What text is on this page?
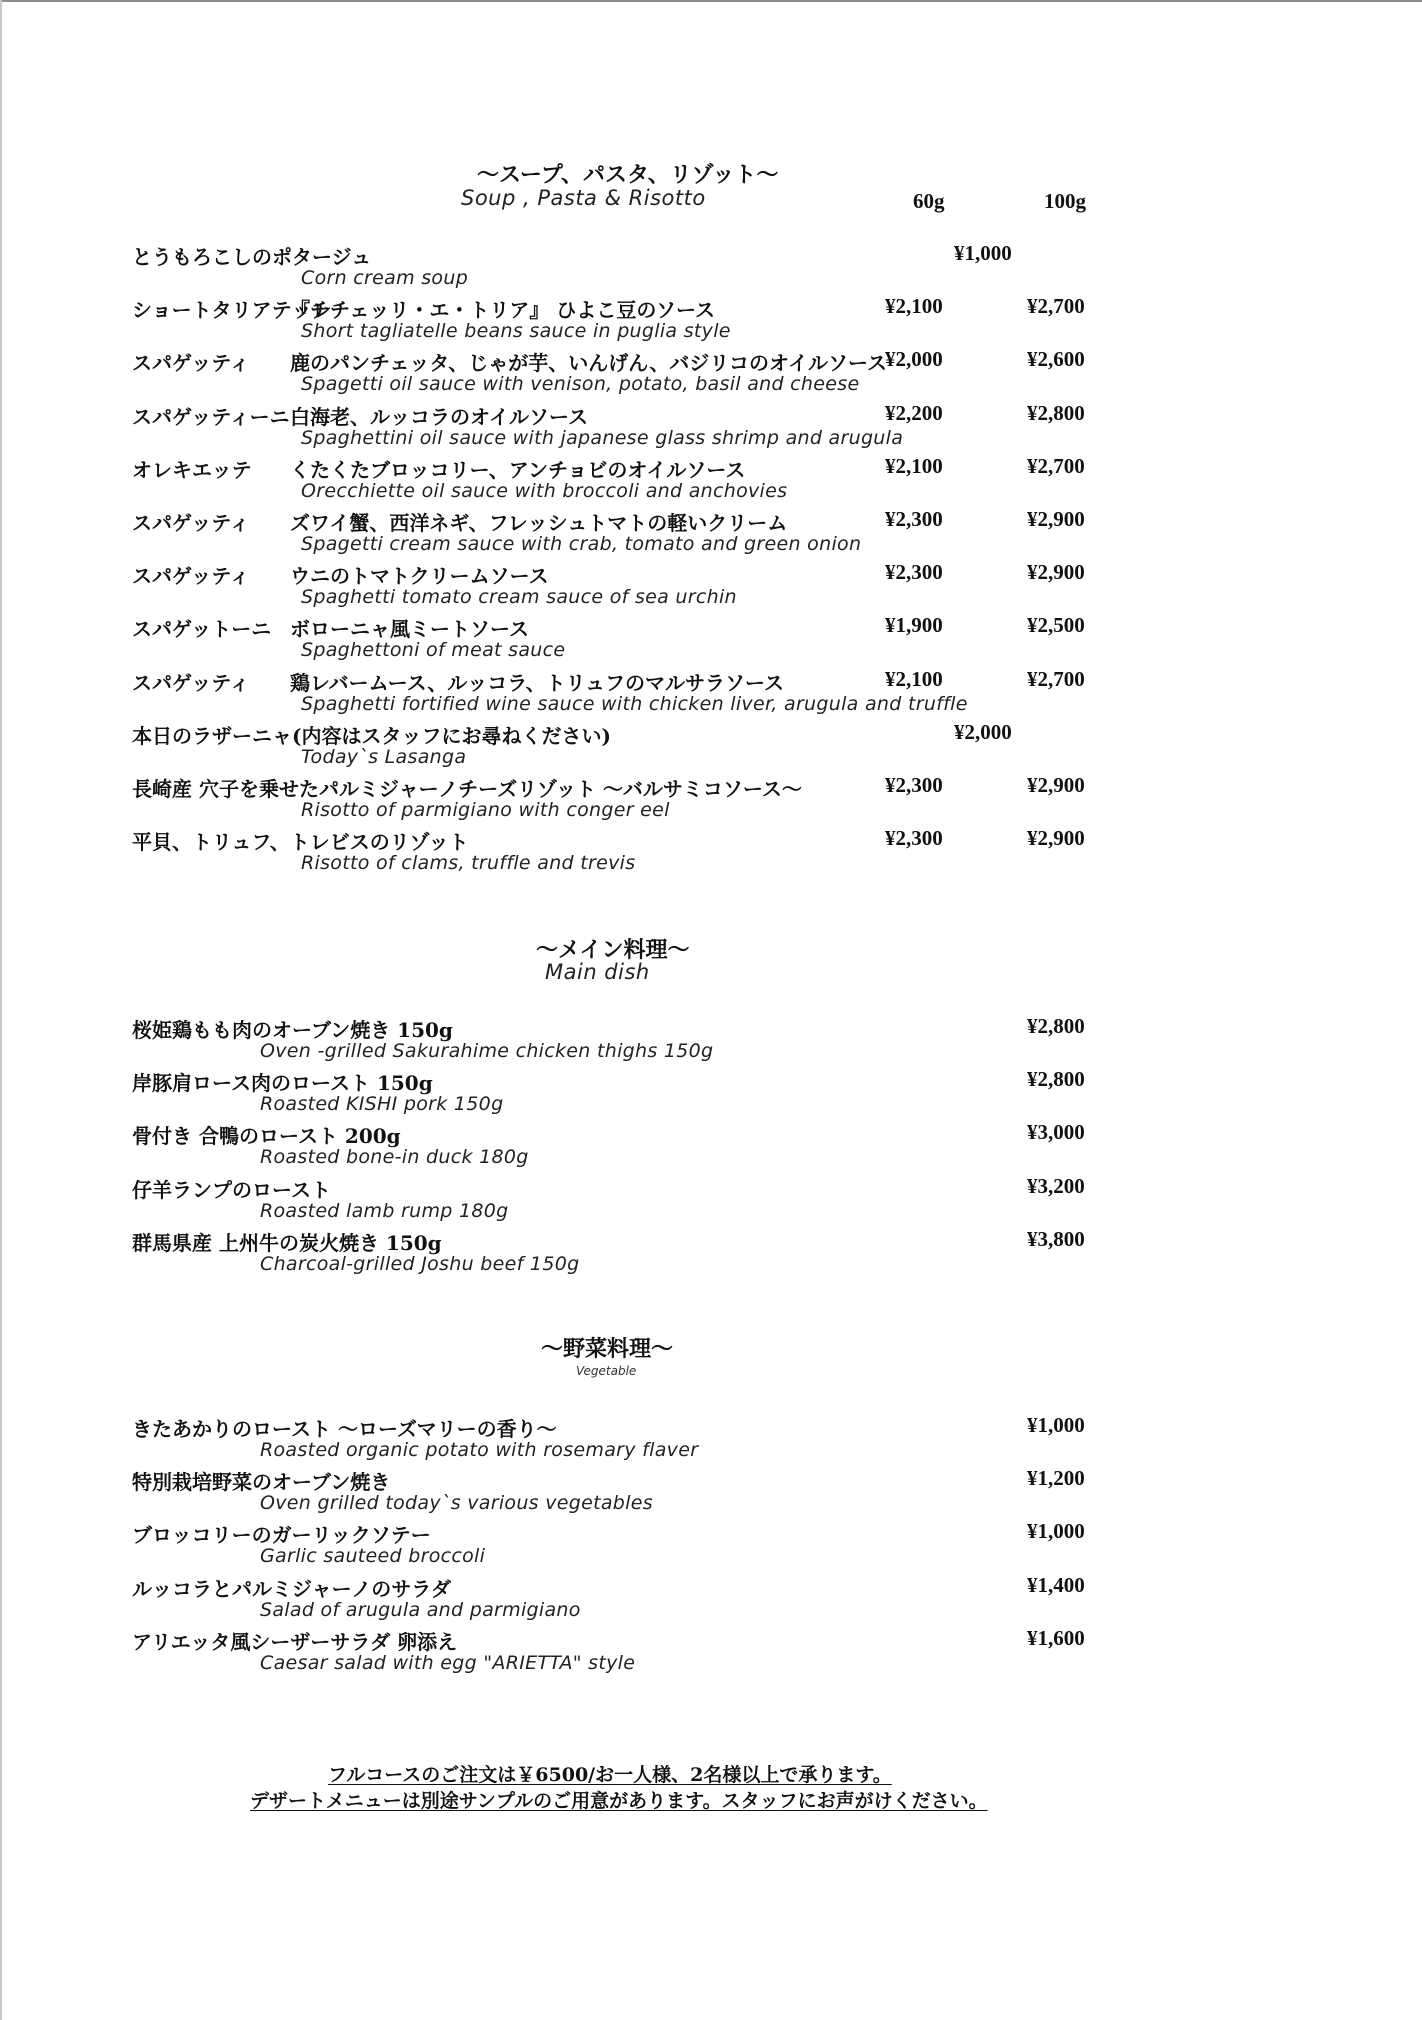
〜スープ、パスタ、リゾット〜
Soup , Pasta & Risotto	60g	100g
とうもろこしのポタージュ
Corn cream soup
¥1,000
ショートタリアテッレ
『チチェッリ・エ・トリア』 ひよこ豆のソース
Short tagliatelle beans sauce in puglia style
¥2,100	¥2,700
スパゲッティ 鹿のパンチェッタ、じゃが芋、いんげん、バジリコのオイルソース
Spagetti oil sauce with venison, potato, basil and cheese
¥2,000	¥2,600
スパゲッティーニ 白海老、ルッコラのオイルソース
Spaghettini oil sauce with japanese glass shrimp and arugula
¥2,200	¥2,800
オレキエッテ くたくたブロッコリー、アンチョビのオイルソース
Orecchiette oil sauce with broccoli and anchovies
¥2,100	¥2,700
スパゲッティ ズワイ蟹、西洋ネギ、フレッシュトマトの軽いクリーム
Spagetti cream sauce with crab, tomato and green onion
¥2,300	¥2,900
スパゲッティ ウニのトマトクリームソース
Spaghetti tomato cream sauce of sea urchin
¥2,300	¥2,900
スパゲットーニ ボローニャ風ミートソース
Spaghettoni of meat sauce
¥1,900	¥2,500
スパゲッティ 鶏レバームース、ルッコラ、トリュフのマルサラソース
Spaghetti fortified wine sauce with chicken liver, arugula and truffle
¥2,100	¥2,700
本日のラザーニャ(内容はスタッフにお尋ねください)
Today`s Lasanga
¥2,000
長崎産 穴子を乗せたパルミジャーノチーズリゾット ～バルサミコソース～
Risotto of parmigiano with conger eel
¥2,300	¥2,900
平貝、トリュフ、トレビスのリゾット
Risotto of clams, truffle and trevis
¥2,300	¥2,900
〜メイン料理〜
Main dish
桜姫鶏もも肉のオーブン焼き 150g
Oven -grilled Sakurahime chicken thighs 150g
¥2,800
岸豚肩ロース肉のロースト 150g
Roasted KISHI pork 150g
¥2,800
骨付き 合鴨のロースト 200g
Roasted bone-in duck 180g
¥3,000
仔羊ランプのロースト
Roasted lamb rump 180g
¥3,200
群馬県産 上州牛の炭火焼き 150g
Charcoal-grilled Joshu beef 150g
¥3,800
〜野菜料理〜
Vegetable
きたあかりのロースト ～ローズマリーの香り～
Roasted organic potato with rosemary flaver
¥1,000
特別栽培野菜のオーブン焼き
Oven grilled today`s various vegetables
¥1,200
ブロッコリーのガーリックソテー
Garlic sauteed broccoli
¥1,000
ルッコラとパルミジャーノのサラダ
Salad of arugula and parmigiano
¥1,400
アリエッタ風シーザーサラダ 卵添え
Caesar salad with egg "ARIETTA" style
¥1,600
フルコースのご注文は￥6500/お一人様、2名様以上で承ります。
デザートメニューは別途サンプルのご用意があります。スタッフにお声がけください。
